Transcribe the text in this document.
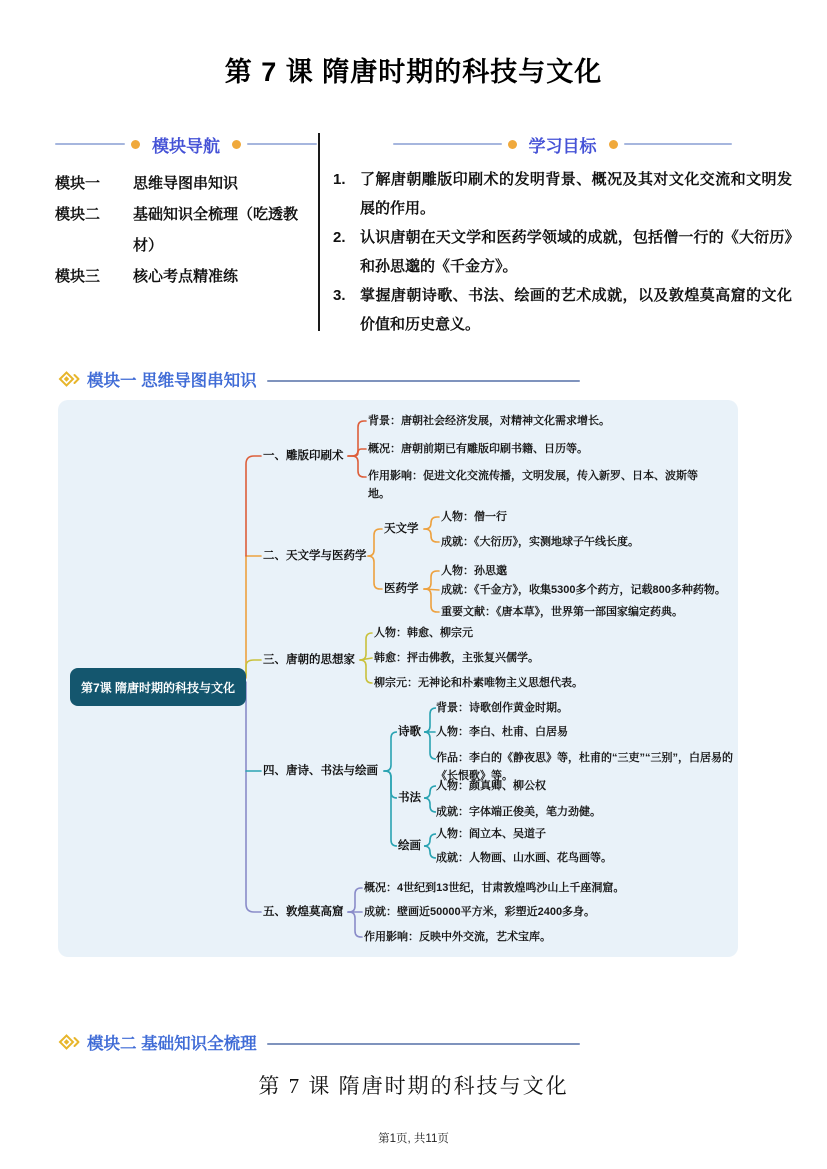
第 7 课 隋唐时期的科技与文化
模块导航
模块一	思维导图串知识
模块二	基础知识全梳理（吃透教材）
模块三	核心考点精准练
学习目标
1. 了解唐朝雕版印刷术的发明背景、概况及其对文化交流和文明发展的作用。
2. 认识唐朝在天文学和医药学领域的成就，包括僧一行的《大衍历》和孙思邈的《千金方》。
3. 掌握唐朝诗歌、书法、绘画的艺术成就，以及敦煌莫高窟的文化价值和历史意义。
模块一 思维导图串知识
第7课 隋唐时期的科技与文化
一、雕版印刷术
背景：唐朝社会经济发展，对精神文化需求增长。
概况：唐朝前期已有雕版印刷书籍、日历等。
作用影响：促进文化交流传播，文明发展，传入新罗、日本、波斯等地。
二、天文学与医药学
天文学
人物：僧一行
成就：《大衍历》，实测地球子午线长度。
医药学
人物：孙思邈
成就：《千金方》，收集5300多个药方，记载800多种药物。
重要文献：《唐本草》，世界第一部国家编定药典。
三、唐朝的思想家
人物：韩愈、柳宗元
韩愈：抨击佛教，主张复兴儒学。
柳宗元：无神论和朴素唯物主义思想代表。
四、唐诗、书法与绘画
诗歌
背景：诗歌创作黄金时期。
人物：李白、杜甫、白居易
作品：李白的《静夜思》等，杜甫的“三吏”“三别”，白居易的《长恨歌》等。
书法
人物：颜真卿、柳公权
成就：字体端正俊美，笔力劲健。
绘画
人物：阎立本、吴道子
成就：人物画、山水画、花鸟画等。
五、敦煌莫高窟
概况：4世纪到13世纪，甘肃敦煌鸣沙山上千座洞窟。
成就：壁画近50000平方米，彩塑近2400多身。
作用影响：反映中外交流，艺术宝库。
模块二 基础知识全梳理
第 7 课 隋唐时期的科技与文化
第1页, 共11页
